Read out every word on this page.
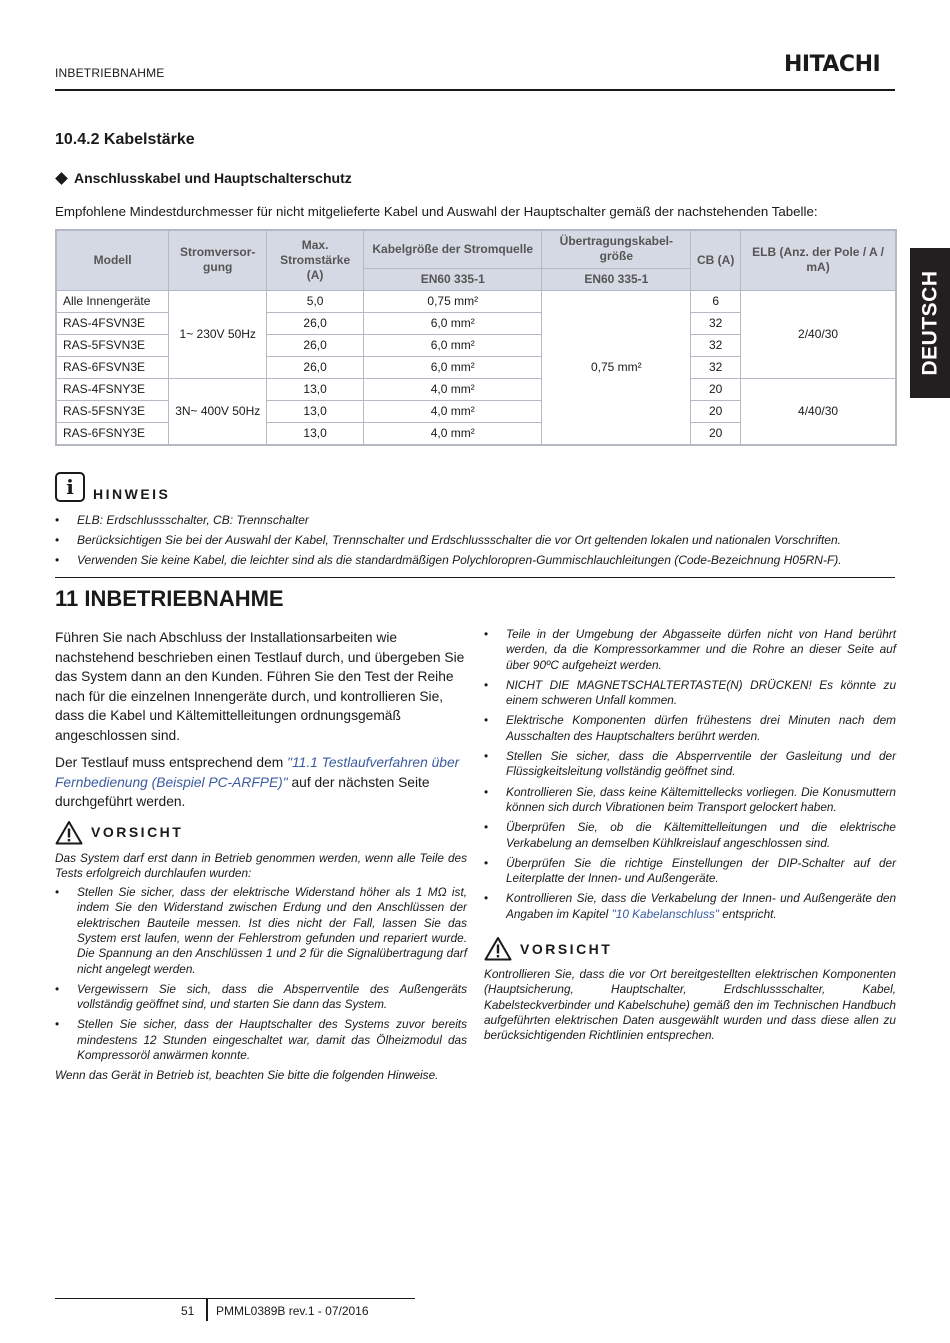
INBETRIEBNAHME	HITACHI
DEUTSCH
10.4.2 Kabelstärke
Anschlusskabel und Hauptschalterschutz
Empfohlene Mindestdurchmesser für nicht mitgelieferte Kabel und Auswahl der Hauptschalter gemäß der nachstehenden Tabelle:
Modell	Stromversor-gung	Max. Stromstärke (A)	Kabelgröße der Stromquelle	Übertragungskabel-größe	CB (A)	ELB (Anz. der Pole / A / mA)
			EN60 335-1	EN60 335-1		
Alle Innengeräte	1~ 230V 50Hz	5,0	0,75 mm²	0,75 mm²	6	2/40/30
RAS-4FSVN3E		26,0	6,0 mm²		32	
RAS-5FSVN3E		26,0	6,0 mm²		32	
RAS-6FSVN3E		26,0	6,0 mm²		32	
RAS-4FSNY3E	3N~ 400V 50Hz	13,0	4,0 mm²		20	4/40/30
RAS-5FSNY3E		13,0	4,0 mm²		20	
RAS-6FSNY3E		13,0	4,0 mm²		20	
i	HINWEIS
• ELB: Erdschlussschalter, CB: Trennschalter
• Berücksichtigen Sie bei der Auswahl der Kabel, Trennschalter und Erdschlussschalter die vor Ort geltenden lokalen und nationalen Vorschriften.
• Verwenden Sie keine Kabel, die leichter sind als die standardmäßigen Polychloropren-Gummischlauchleitungen (Code-Bezeichnung H05RN-F).
11 INBETRIEBNAHME

Führen Sie nach Abschluss der Installationsarbeiten wie nachstehend beschrieben einen Testlauf durch, und übergeben Sie das System dann an den Kunden. Führen Sie den Test der Reihe nach für die einzelnen Innengeräte durch, und kontrollieren Sie, dass die Kabel und Kältemittelleitungen ordnungsgemäß angeschlossen sind.

Der Testlauf muss entsprechend dem "11.1 Testlaufverfahren über Fernbedienung (Beispiel PC-ARFPE)" auf der nächsten Seite durchgeführt werden.

VORSICHT
Das System darf erst dann in Betrieb genommen werden, wenn alle Teile des Tests erfolgreich durchlaufen wurden:
• Stellen Sie sicher, dass der elektrische Widerstand höher als 1 MΩ ist, indem Sie den Widerstand zwischen Erdung und den Anschlüssen der elektrischen Bauteile messen. Ist dies nicht der Fall, lassen Sie das System erst laufen, wenn der Fehlerstrom gefunden und repariert wurde. Die Spannung an den Anschlüssen 1 und 2 für die Signalübertragung darf nicht angelegt werden.
• Vergewissern Sie sich, dass die Absperrventile des Außengeräts vollständig geöffnet sind, und starten Sie dann das System.
• Stellen Sie sicher, dass der Hauptschalter des Systems zuvor bereits mindestens 12 Stunden eingeschaltet war, damit das Ölheizmodul das Kompressoröl anwärmen konnte.
Wenn das Gerät in Betrieb ist, beachten Sie bitte die folgenden Hinweise.
• Teile in der Umgebung der Abgasseite dürfen nicht von Hand berührt werden, da die Kompressorkammer und die Rohre an dieser Seite auf über 90ºC aufgeheizt werden.
• NICHT DIE MAGNETSCHALTERTASTE(N) DRÜCKEN! Es könnte zu einem schweren Unfall kommen.
• Elektrische Komponenten dürfen frühestens drei Minuten nach dem Ausschalten des Hauptschalters berührt werden.
• Stellen Sie sicher, dass die Absperrventile der Gasleitung und der Flüssigkeitsleitung vollständig geöffnet sind.
• Kontrollieren Sie, dass keine Kältemittellecks vorliegen. Die Konusmuttern können sich durch Vibrationen beim Transport gelockert haben.
• Überprüfen Sie, ob die Kältemittelleitungen und die elektrische Verkabelung an demselben Kühlkreislauf angeschlossen sind.
• Überprüfen Sie die richtige Einstellungen der DIP-Schalter auf der Leiterplatte der Innen- und Außengeräte.
• Kontrollieren Sie, dass die Verkabelung der Innen- und Außengeräte den Angaben im Kapitel "10 Kabelanschluss" entspricht.
VORSICHT
Kontrollieren Sie, dass die vor Ort bereitgestellten elektrischen Komponenten (Hauptsicherung, Hauptschalter, Erdschlussschalter, Kabel, Kabelsteckverbinder und Kabelschuhe) gemäß den im Technischen Handbuch aufgeführten elektrischen Daten ausgewählt wurden und dass diese allen zu berücksichtigenden Richtlinien entsprechen.
51 PMML0389B rev.1 - 07/2016
